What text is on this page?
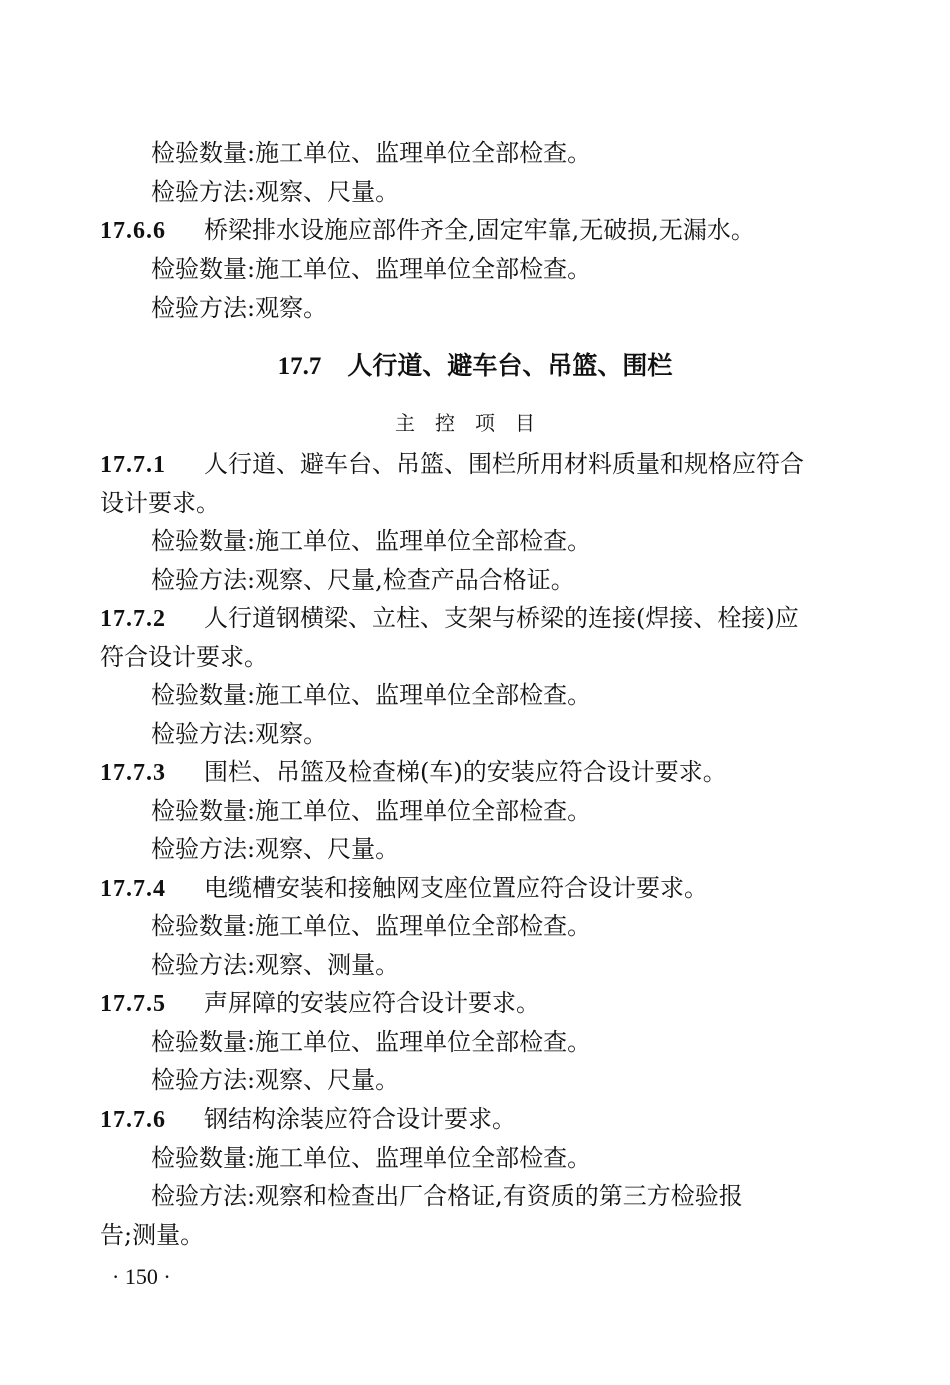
检验数量:施工单位、监理单位全部检查。
检验方法:观察、尺量。
17.6.6 桥梁排水设施应部件齐全,固定牢靠,无破损,无漏水。
检验数量:施工单位、监理单位全部检查。
检验方法:观察。
17.7 人行道、避车台、吊篮、围栏
主控项目
17.7.1 人行道、避车台、吊篮、围栏所用材料质量和规格应符合
设计要求。
检验数量:施工单位、监理单位全部检查。
检验方法:观察、尺量,检查产品合格证。
17.7.2 人行道钢横梁、立柱、支架与桥梁的连接(焊接、栓接)应
符合设计要求。
检验数量:施工单位、监理单位全部检查。
检验方法:观察。
17.7.3 围栏、吊篮及检查梯(车)的安装应符合设计要求。
检验数量:施工单位、监理单位全部检查。
检验方法:观察、尺量。
17.7.4 电缆槽安装和接触网支座位置应符合设计要求。
检验数量:施工单位、监理单位全部检查。
检验方法:观察、测量。
17.7.5 声屏障的安装应符合设计要求。
检验数量:施工单位、监理单位全部检查。
检验方法:观察、尺量。
17.7.6 钢结构涂装应符合设计要求。
检验数量:施工单位、监理单位全部检查。
检验方法:观察和检查出厂合格证,有资质的第三方检验报
告;测量。
· 150 ·
